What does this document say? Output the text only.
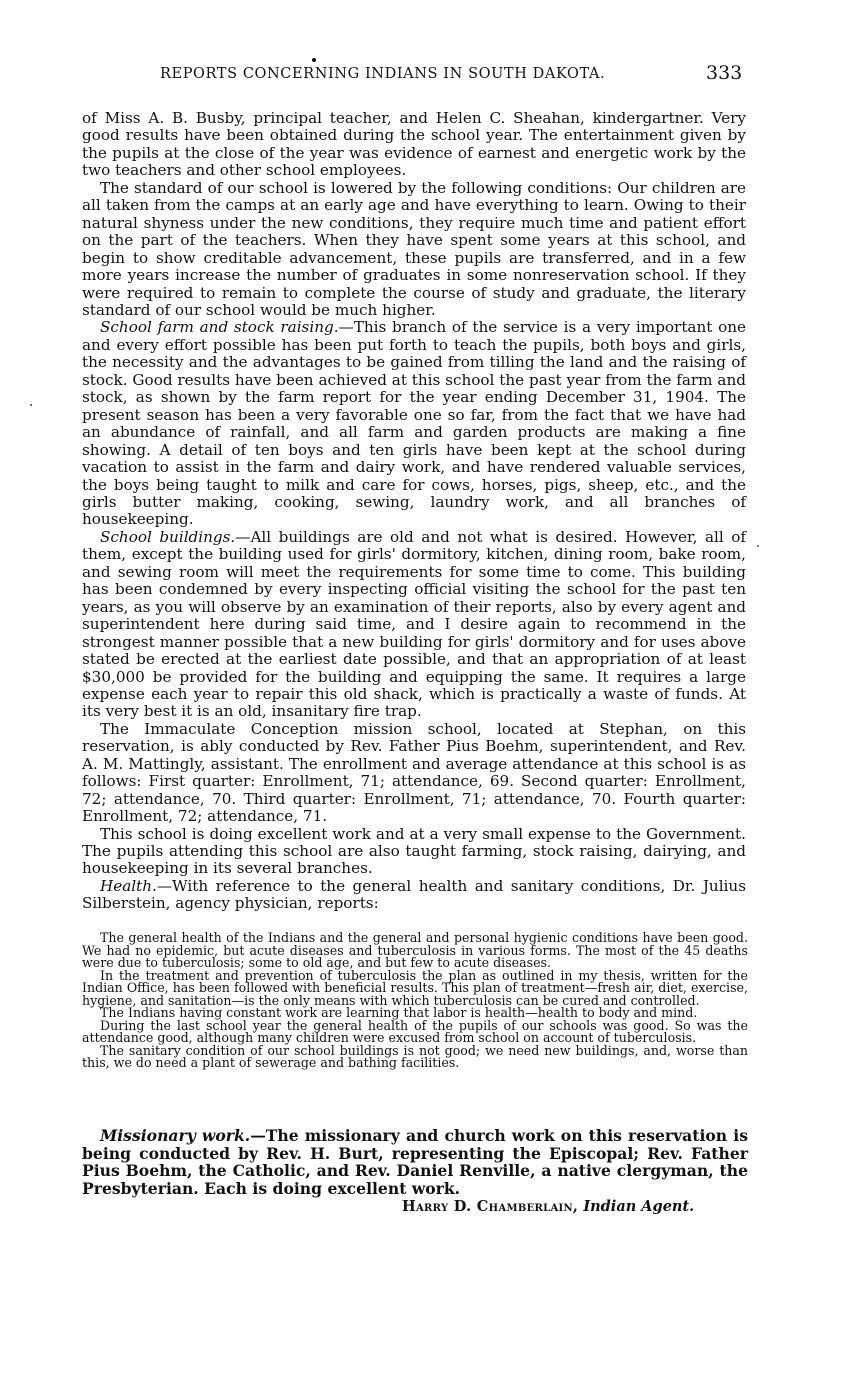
REPORTS CONCERNING INDIANS IN SOUTH DAKOTA.	333

of Miss A. B. Busby, principal teacher, and Helen C. Sheahan, kindergartner. Very good results have been obtained during the school year. The entertainment given by the pupils at the close of the year was evidence of earnest and energetic work by the two teachers and other school employees.

The standard of our school is lowered by the following conditions: Our children are all taken from the camps at an early age and have everything to learn. Owing to their natural shyness under the new conditions, they require much time and patient effort on the part of the teachers. When they have spent some years at this school, and begin to show creditable advancement, these pupils are transferred, and in a few more years increase the number of graduates in some nonreservation school. If they were required to remain to complete the course of study and graduate, the literary standard of our school would be much higher.

School farm and stock raising.—This branch of the service is a very important one and every effort possible has been put forth to teach the pupils, both boys and girls, the necessity and the advantages to be gained from tilling the land and the raising of stock. Good results have been achieved at this school the past year from the farm and stock, as shown by the farm report for the year ending December 31, 1904. The present season has been a very favorable one so far, from the fact that we have had an abundance of rainfall, and all farm and garden products are making a fine showing. A detail of ten boys and ten girls have been kept at the school during vacation to assist in the farm and dairy work, and have rendered valuable services, the boys being taught to milk and care for cows, horses, pigs, sheep, etc., and the girls butter making, cooking, sewing, laundry work, and all branches of housekeeping.

School buildings.—All buildings are old and not what is desired. However, all of them, except the building used for girls' dormitory, kitchen, dining room, bake room, and sewing room will meet the requirements for some time to come. This building has been condemned by every inspecting official visiting the school for the past ten years, as you will observe by an examination of their reports, also by every agent and superintendent here during said time, and I desire again to recommend in the strongest manner possible that a new building for girls' dormitory and for uses above stated be erected at the earliest date possible, and that an appropriation of at least $30,000 be provided for the building and equipping the same. It requires a large expense each year to repair this old shack, which is practically a waste of funds. At its very best it is an old, insanitary fire trap.

The Immaculate Conception mission school, located at Stephan, on this reservation, is ably conducted by Rev. Father Pius Boehm, superintendent, and Rev. A. M. Mattingly, assistant. The enrollment and average attendance at this school is as follows: First quarter: Enrollment, 71; attendance, 69. Second quarter: Enrollment, 72; attendance, 70. Third quarter: Enrollment, 71; attendance, 70. Fourth quarter: Enrollment, 72; attendance, 71.

This school is doing excellent work and at a very small expense to the Government. The pupils attending this school are also taught farming, stock raising, dairying, and housekeeping in its several branches.

Health.—With reference to the general health and sanitary conditions, Dr. Julius Silberstein, agency physician, reports:

The general health of the Indians and the general and personal hygienic conditions have been good. We had no epidemic, but acute diseases and tuberculosis in various forms. The most of the 45 deaths were due to tuberculosis; some to old age, and but few to acute diseases.

In the treatment and prevention of tuberculosis the plan as outlined in my thesis, written for the Indian Office, has been followed with beneficial results. This plan of treatment—fresh air, diet, exercise, hygiene, and sanitation—is the only means with which tuberculosis can be cured and controlled.

The Indians having constant work are learning that labor is health—health to body and mind.

During the last school year the general health of the pupils of our schools was good. So was the attendance good, although many children were excused from school on account of tuberculosis.

The sanitary condition of our school buildings is not good; we need new buildings, and, worse than this, we do need a plant of sewerage and bathing facilities.

Missionary work.—The missionary and church work on this reservation is being conducted by Rev. H. Burt, representing the Episcopal; Rev. Father Pius Boehm, the Catholic, and Rev. Daniel Renville, a native clergyman, the Presbyterian. Each is doing excellent work.

Harry D. Chamberlain, Indian Agent.
